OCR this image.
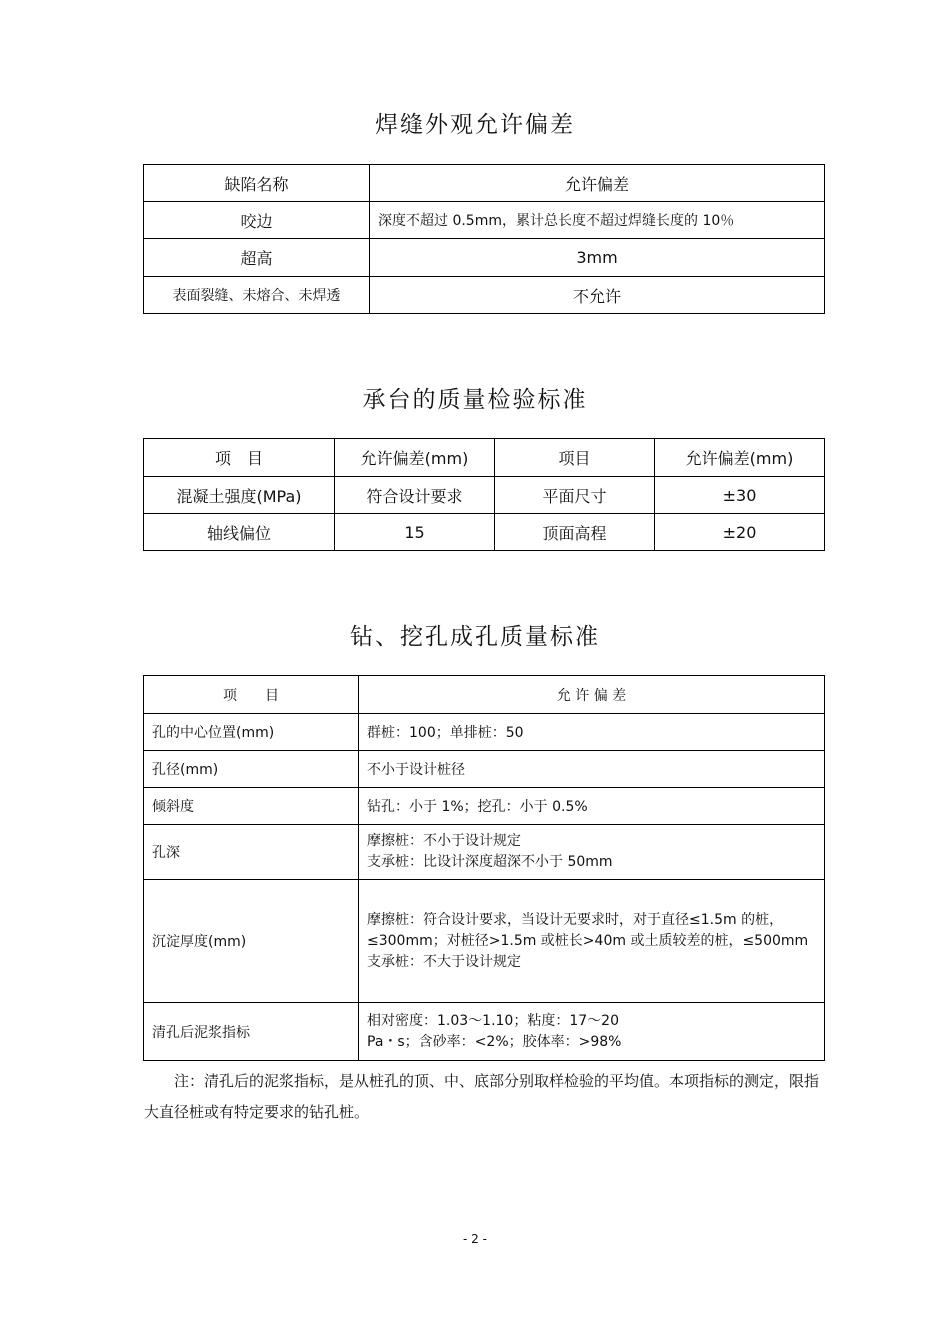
焊缝外观允许偏差
缺陷名称	允许偏差
咬边	深度不超过 0.5mm，累计总长度不超过焊缝长度的 10％
超高	3mm
表面裂缝、未熔合、未焊透	不允许
承台的质量检验标准
项　目	允许偏差(mm)	项目	允许偏差(mm)
混凝土强度(MPa)	符合设计要求	平面尺寸	±30
轴线偏位	15	顶面高程	±20
钻、挖孔成孔质量标准
项　　目	允 许 偏 差
孔的中心位置(mm)	群桩：100；单排桩：50
孔径(mm)	不小于设计桩径
倾斜度	钻孔：小于 1%；挖孔：小于 0.5%
孔深	摩擦桩：不小于设计规定
支承桩：比设计深度超深不小于 50mm

沉淀厚度(mm)	摩擦桩：符合设计要求，当设计无要求时，对于直径≤1.5m 的桩，
≤300mm；对桩径>1.5m 或桩长>40m 或土质较差的桩，≤500mm
支承桩：不大于设计规定

清孔后泥浆指标	相对密度：1.03～1.10；粘度：17～20
Pa・s；含砂率：<2%；胶体率：>98%
注：清孔后的泥浆指标，是从桩孔的顶、中、底部分别取样检验的平均值。本项指标的测定，限指大直径桩或有特定要求的钻孔桩。
- 2 -
